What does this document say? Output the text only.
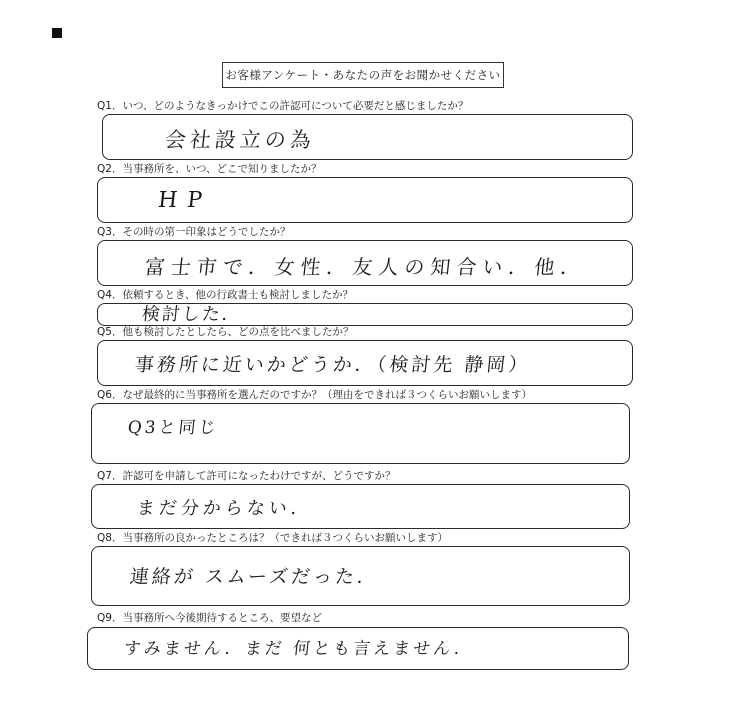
お客様アンケート・あなたの声をお聞かせください
Q1．いつ、どのようなきっかけでこの許認可について必要だと感じましたか？
会社設立の為
Q2．当事務所を、いつ、どこで知りましたか？
HP
Q3．その時の第一印象はどうでしたか？
富士市で．女性．友人の知合い．他．
Q4．依頼するとき、他の行政書士も検討しましたか？
検討した．
Q5．他も検討したとしたら、どの点を比べましたか？
事務所に近いかどうか．（検討先 静岡）
Q6．なぜ最終的に当事務所を選んだのですか？（理由をできれば３つくらいお願いします）
Q3と同じ
Q7．許認可を申請して許可になったわけですが、どうですか？
まだ分からない．
Q8．当事務所の良かったところは？（できれば３つくらいお願いします）
連絡が スムーズだった．
Q9．当事務所へ今後期待するところ、要望など
すみません．まだ 何とも言えません．
